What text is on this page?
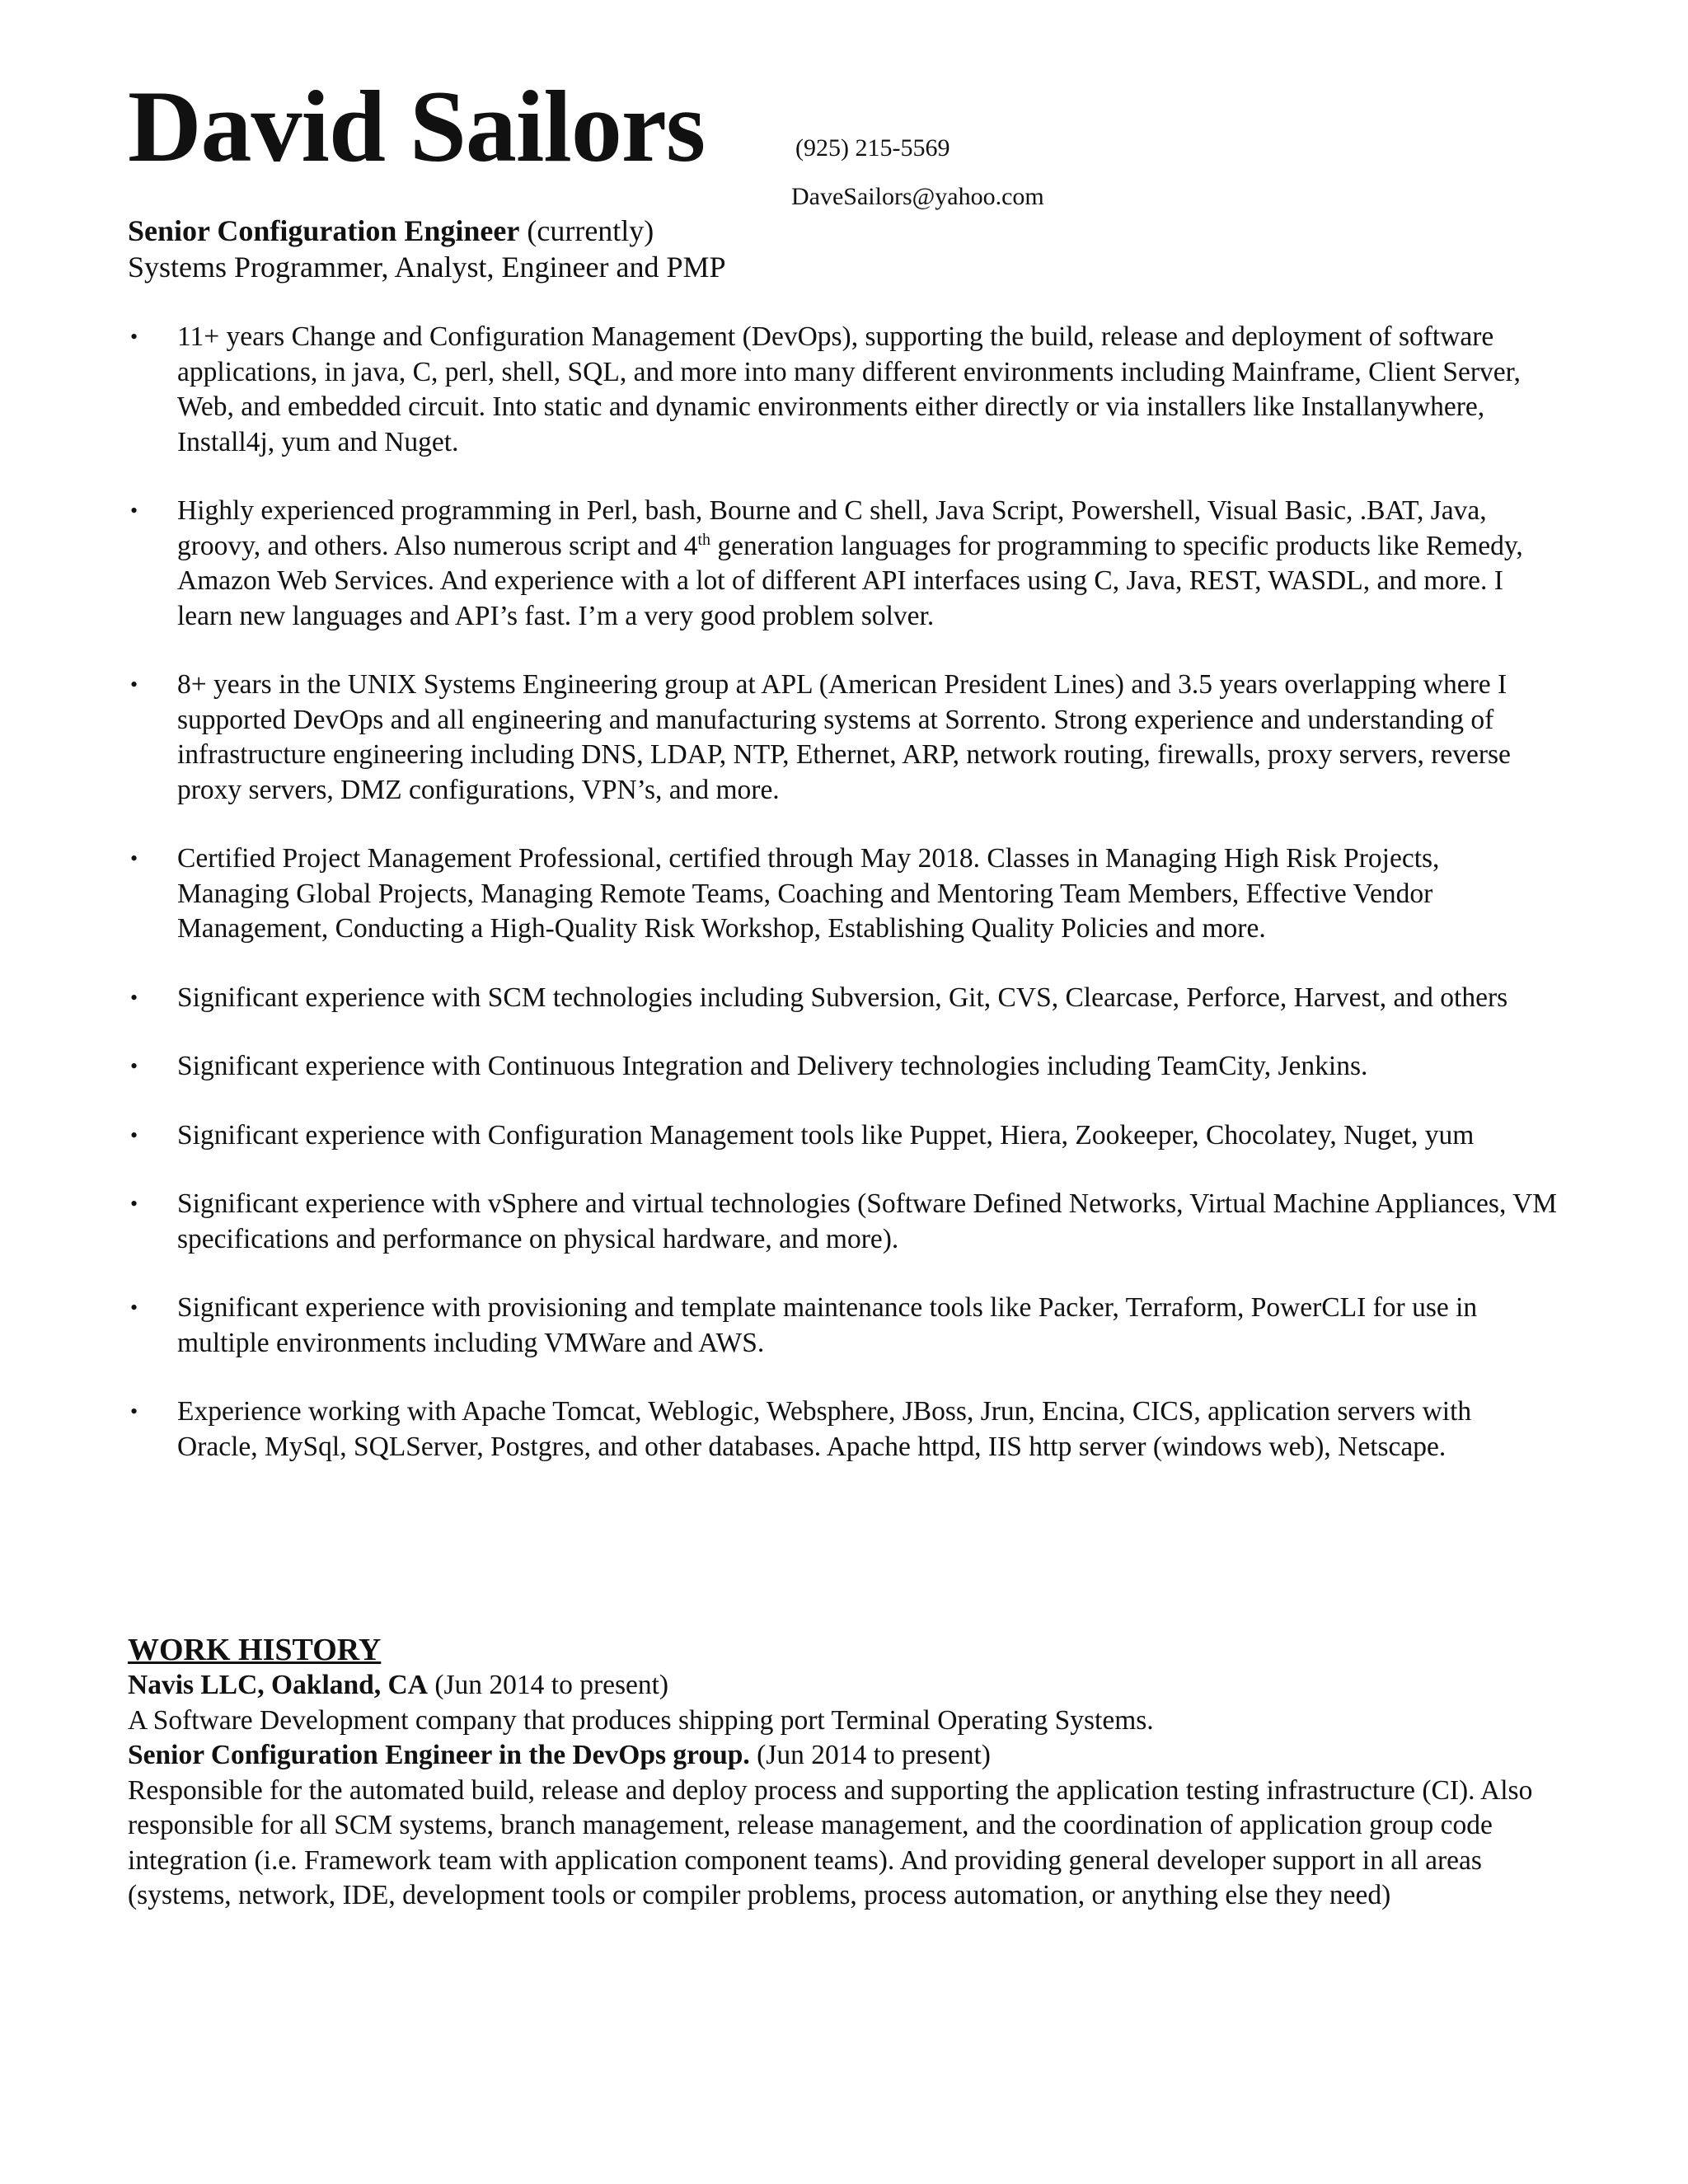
David Sailors	(925) 215-5569
DaveSailors@yahoo.com
Senior Configuration Engineer (currently)
Systems Programmer, Analyst, Engineer and PMP
• 11+ years Change and Configuration Management (DevOps), supporting the build, release and deployment of software applications, in java, C, perl, shell, SQL, and more into many different environments including Mainframe, Client Server, Web, and embedded circuit. Into static and dynamic environments either directly or via installers like Installanywhere, Install4j, yum and Nuget.
• Highly experienced programming in Perl, bash, Bourne and C shell, Java Script, Powershell, Visual Basic, .BAT, Java, groovy, and others. Also numerous script and 4th generation languages for programming to specific products like Remedy, Amazon Web Services. And experience with a lot of different API interfaces using C, Java, REST, WASDL, and more. I learn new languages and API’s fast. I’m a very good problem solver.
• 8+ years in the UNIX Systems Engineering group at APL (American President Lines) and 3.5 years overlapping where I supported DevOps and all engineering and manufacturing systems at Sorrento. Strong experience and understanding of infrastructure engineering including DNS, LDAP, NTP, Ethernet, ARP, network routing, firewalls, proxy servers, reverse proxy servers, DMZ configurations, VPN’s, and more.
• Certified Project Management Professional, certified through May 2018. Classes in Managing High Risk Projects, Managing Global Projects, Managing Remote Teams, Coaching and Mentoring Team Members, Effective Vendor Management, Conducting a High-Quality Risk Workshop, Establishing Quality Policies and more.
• Significant experience with SCM technologies including Subversion, Git, CVS, Clearcase, Perforce, Harvest, and others
• Significant experience with Continuous Integration and Delivery technologies including TeamCity, Jenkins.
• Significant experience with Configuration Management tools like Puppet, Hiera, Zookeeper, Chocolatey, Nuget, yum
• Significant experience with vSphere and virtual technologies (Software Defined Networks, Virtual Machine Appliances, VM specifications and performance on physical hardware, and more).
• Significant experience with provisioning and template maintenance tools like Packer, Terraform, PowerCLI for use in multiple environments including VMWare and AWS.
• Experience working with Apache Tomcat, Weblogic, Websphere, JBoss, Jrun, Encina, CICS, application servers with Oracle, MySql, SQLServer, Postgres, and other databases. Apache httpd, IIS http server (windows web), Netscape.
WORK HISTORY

Navis LLC, Oakland, CA (Jun 2014 to present)

A Software Development company that produces shipping port Terminal Operating Systems.

Senior Configuration Engineer in the DevOps group. (Jun 2014 to present)

Responsible for the automated build, release and deploy process and supporting the application testing infrastructure (CI). Also responsible for all SCM systems, branch management, release management, and the coordination of application group code integration (i.e. Framework team with application component teams). And providing general developer support in all areas (systems, network, IDE, development tools or compiler problems, process automation, or anything else they need)
